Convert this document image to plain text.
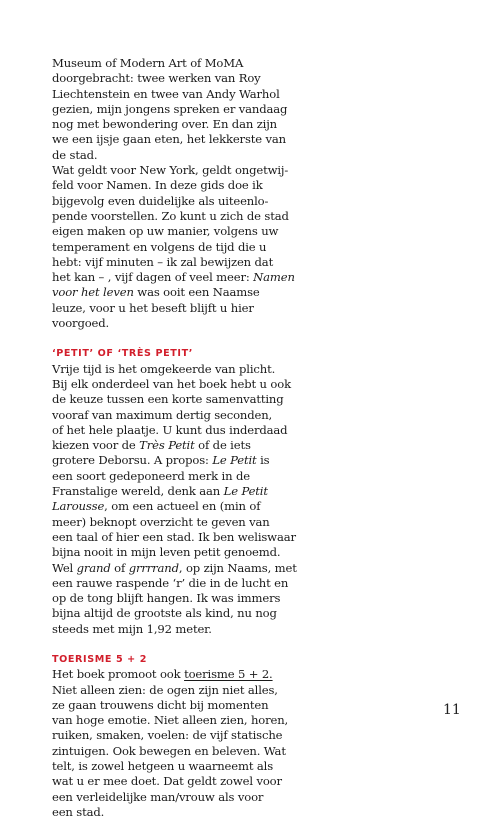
Museum of Modern Art of MoMA
doorgebracht: twee werken van Roy
Liechtenstein en twee van Andy Warhol
gezien, mijn jongens spreken er vandaag
nog met bewondering over. En dan zijn
we een ijsje gaan eten, het lekkerste van
de stad.
Wat geldt voor New York, geldt ongetwij-
feld voor Namen. In deze gids doe ik
bijgevolg even duidelijke als uiteenlo-
pende voorstellen. Zo kunt u zich de stad
eigen maken op uw manier, volgens uw
temperament en volgens de tijd die u
hebt: vijf minuten – ik zal bewijzen dat
het kan – , vijf dagen of veel meer: Namen
voor het leven was ooit een Naamse
leuze, voor u het beseft blijft u hier
voorgoed.

‘PETIT’ OF ‘TRÈS PETIT’

Vrije tijd is het omgekeerde van plicht.
Bij elk onderdeel van het boek hebt u ook
de keuze tussen een korte samenvatting
vooraf van maximum dertig seconden,
of het hele plaatje. U kunt dus inderdaad
kiezen voor de Très Petit of de iets
grotere Deborsu. A propos: Le Petit is
een soort gedeponeerd merk in de
Franstalige wereld, denk aan Le Petit
Larousse, om een actueel en (min of
meer) beknopt overzicht te geven van
een taal of hier een stad. Ik ben weliswaar
bijna nooit in mijn leven petit genoemd.
Wel grand of grrrrand, op zijn Naams, met
een rauwe raspende ‘r’ die in de lucht en
op de tong blijft hangen. Ik was immers
bijna altijd de grootste als kind, nu nog
steeds met mijn 1,92 meter.

TOERISME 5 + 2

Het boek promoot ook toerisme 5 + 2.
Niet alleen zien: de ogen zijn niet alles,
ze gaan trouwens dicht bij momenten
van hoge emotie. Niet alleen zien, horen,
ruiken, smaken, voelen: de vijf statische
zintuigen. Ook bewegen en beleven. Wat
telt, is zowel hetgeen u waarneemt als
wat u er mee doet. Dat geldt zowel voor
een verleidelijke man/vrouw als voor
een stad.

11
